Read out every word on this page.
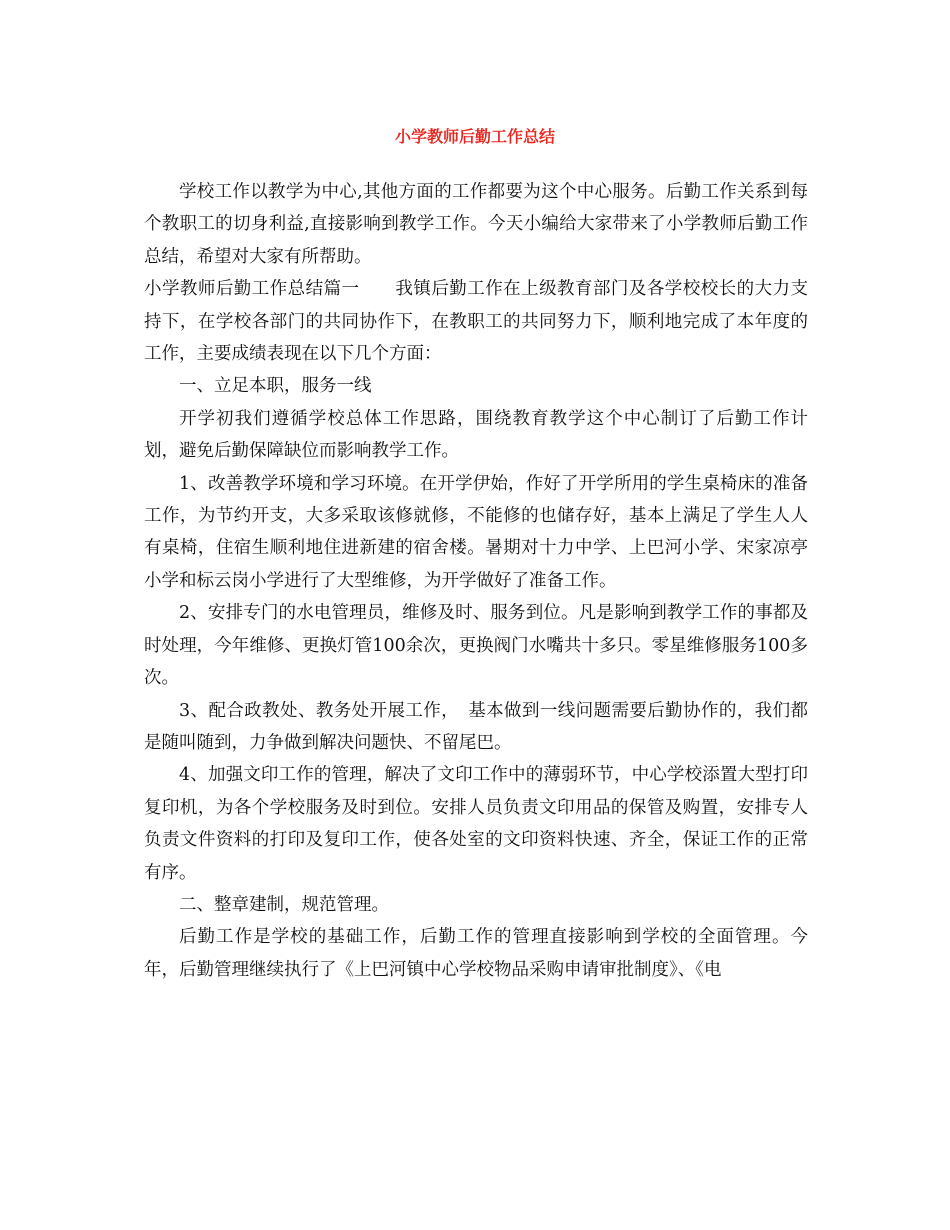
小学教师后勤工作总结

学校工作以教学为中心,其他方面的工作都要为这个中心服务。后勤工作关系到每个教职工的切身利益,直接影响到教学工作。今天小编给大家带来了小学教师后勤工作总结，希望对大家有所帮助。

小学教师后勤工作总结篇一　　我镇后勤工作在上级教育部门及各学校校长的大力支持下，在学校各部门的共同协作下，在教职工的共同努力下，顺利地完成了本年度的工作，主要成绩表现在以下几个方面：

一、立足本职，服务一线

开学初我们遵循学校总体工作思路，围绕教育教学这个中心制订了后勤工作计划，避免后勤保障缺位而影响教学工作。

1、改善教学环境和学习环境。在开学伊始，作好了开学所用的学生桌椅床的准备工作，为节约开支，大多采取该修就修，不能修的也储存好，基本上满足了学生人人有桌椅，住宿生顺利地住进新建的宿舍楼。暑期对十力中学、上巴河小学、宋家凉亭小学和标云岗小学进行了大型维修，为开学做好了准备工作。

2、安排专门的水电管理员，维修及时、服务到位。凡是影响到教学工作的事都及时处理，今年维修、更换灯管100余次，更换阀门水嘴共十多只。零星维修服务100多次。

3、配合政教处、教务处开展工作，　基本做到一线问题需要后勤协作的，我们都是随叫随到，力争做到解决问题快、不留尾巴。

4、加强文印工作的管理，解决了文印工作中的薄弱环节，中心学校添置大型打印复印机，为各个学校服务及时到位。安排人员负责文印用品的保管及购置，安排专人负责文件资料的打印及复印工作，使各处室的文印资料快速、齐全，保证工作的正常有序。

二、整章建制，规范管理。

后勤工作是学校的基础工作，后勤工作的管理直接影响到学校的全面管理。今年，后勤管理继续执行了《上巴河镇中心学校物品采购申请审批制度》、《电
